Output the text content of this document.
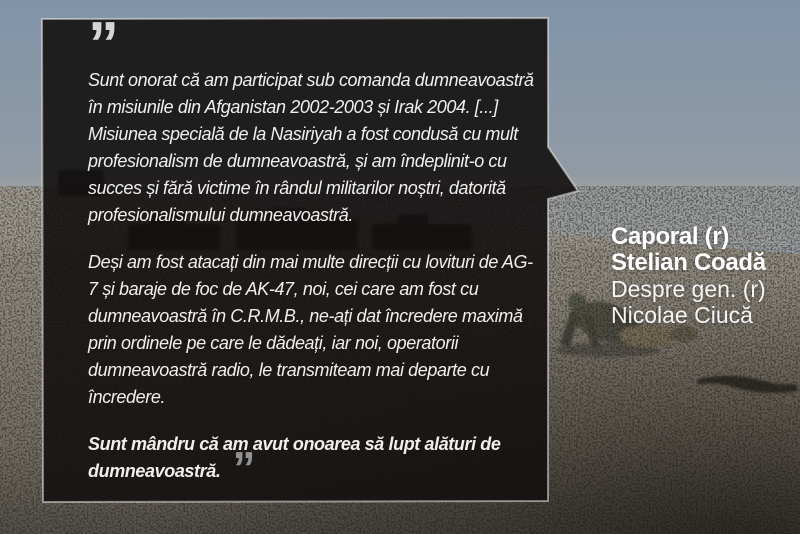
”

Sunt onorat că am participat sub comanda dumneavoastră în misiunile din Afganistan 2002-2003 și Irak 2004. [...] Misiunea specială de la Nasiriyah a fost condusă cu mult profesionalism de dumneavoastră, și am îndeplinit-o cu succes și fără victime în rândul militarilor noștri, datorită profesionalismului dumneavoastră.

Deși am fost atacați din mai multe direcții cu lovituri de AG-7 și baraje de foc de AK-47, noi, cei care am fost cu dumneavoastră în C.R.M.B., ne-ați dat încredere maximă prin ordinele pe care le dădeați, iar noi, operatorii dumneavoastră radio, le transmiteam mai departe cu încredere.

Sunt mândru că am avut onoarea să lupt alături de dumneavoastră. ”

Caporal (r)
Stelian Coadă
Despre gen. (r)
Nicolae Ciucă
